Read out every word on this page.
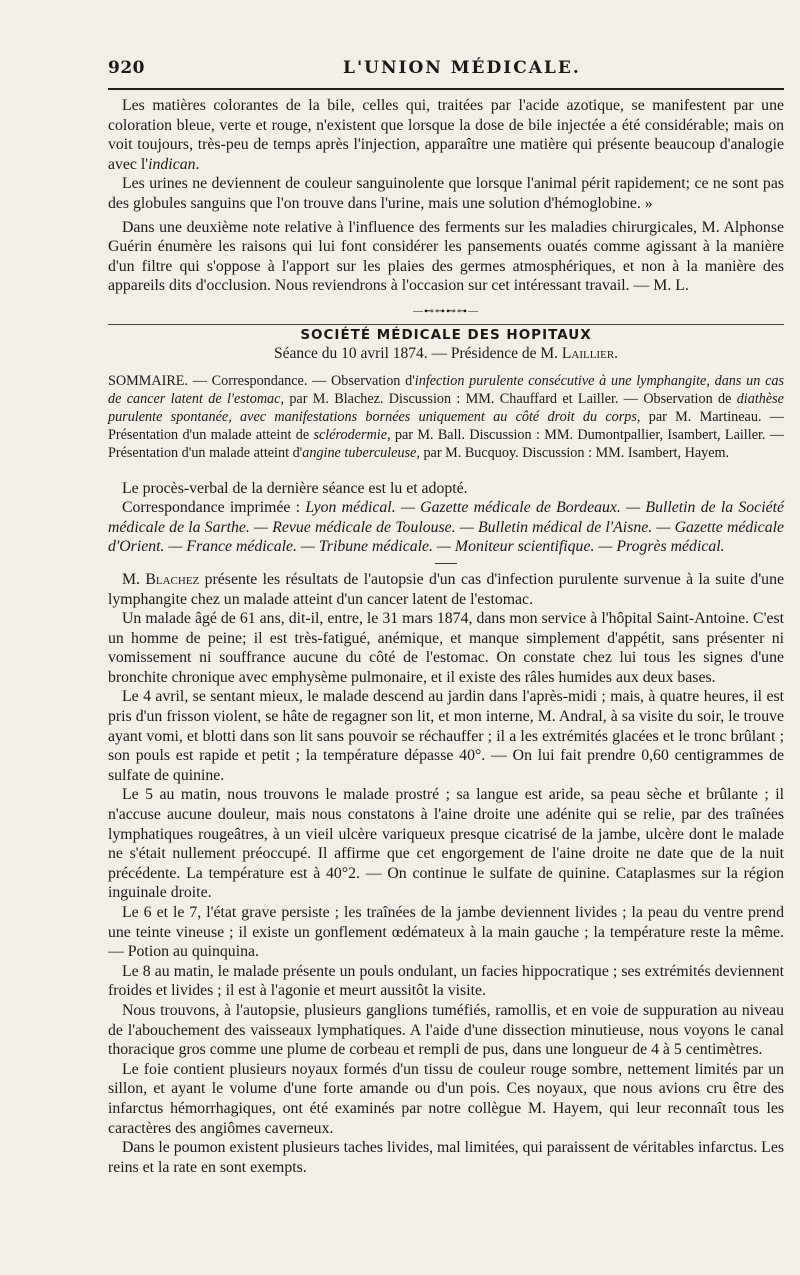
920	L'UNION MÉDICALE.

Les matières colorantes de la bile, celles qui, traitées par l'acide azotique, se manifestent par une coloration bleue, verte et rouge, n'existent que lorsque la dose de bile injectée a été considérable; mais on voit toujours, très-peu de temps après l'injection, apparaître une matière qui présente beaucoup d'analogie avec l'indican.

Les urines ne deviennent de couleur sanguinolente que lorsque l'animal périt rapidement; ce ne sont pas des globules sanguins que l'on trouve dans l'urine, mais une solution d'hémoglobine. »

Dans une deuxième note relative à l'influence des ferments sur les maladies chirurgicales, M. Alphonse Guérin énumère les raisons qui lui font considérer les pansements ouatés comme agissant à la manière d'un filtre qui s'oppose à l'apport sur les plaies des germes atmosphériques, et non à la manière des appareils dits d'occlusion. Nous reviendrons à l'occasion sur cet intéressant travail. — M. L.

—⊷⊶⊷⊶—
SOCIÉTÉ MÉDICALE DES HOPITAUX
Séance du 10 avril 1874. — Présidence de M. Laillier.

SOMMAIRE. — Correspondance. — Observation d'infection purulente consécutive à une lymphangite, dans un cas de cancer latent de l'estomac, par M. Blachez. Discussion : MM. Chauffard et Lailler. — Observation de diathèse purulente spontanée, avec manifestations bornées uniquement au côté droit du corps, par M. Martineau. — Présentation d'un malade atteint de sclérodermie, par M. Ball. Discussion : MM. Dumontpallier, Isambert, Lailler. — Présentation d'un malade atteint d'angine tuberculeuse, par M. Bucquoy. Discussion : MM. Isambert, Hayem.

Le procès-verbal de la dernière séance est lu et adopté.

Correspondance imprimée : Lyon médical. — Gazette médicale de Bordeaux. — Bulletin de la Société médicale de la Sarthe. — Revue médicale de Toulouse. — Bulletin médical de l'Aisne. — Gazette médicale d'Orient. — France médicale. — Tribune médicale. — Moniteur scientifique. — Progrès médical.

M. Blachez présente les résultats de l'autopsie d'un cas d'infection purulente survenue à la suite d'une lymphangite chez un malade atteint d'un cancer latent de l'estomac.

Un malade âgé de 61 ans, dit-il, entre, le 31 mars 1874, dans mon service à l'hôpital Saint-Antoine. C'est un homme de peine; il est très-fatigué, anémique, et manque simplement d'appétit, sans présenter ni vomissement ni souffrance aucune du côté de l'estomac. On constate chez lui tous les signes d'une bronchite chronique avec emphysème pulmonaire, et il existe des râles humides aux deux bases.

Le 4 avril, se sentant mieux, le malade descend au jardin dans l'après-midi ; mais, à quatre heures, il est pris d'un frisson violent, se hâte de regagner son lit, et mon interne, M. Andral, à sa visite du soir, le trouve ayant vomi, et blotti dans son lit sans pouvoir se réchauffer ; il a les extrémités glacées et le tronc brûlant ; son pouls est rapide et petit ; la température dépasse 40°. — On lui fait prendre 0,60 centigrammes de sulfate de quinine.

Le 5 au matin, nous trouvons le malade prostré ; sa langue est aride, sa peau sèche et brûlante ; il n'accuse aucune douleur, mais nous constatons à l'aine droite une adénite qui se relie, par des traînées lymphatiques rougeâtres, à un vieil ulcère variqueux presque cicatrisé de la jambe, ulcère dont le malade ne s'était nullement préoccupé. Il affirme que cet engorgement de l'aine droite ne date que de la nuit précédente. La température est à 40°2. — On continue le sulfate de quinine. Cataplasmes sur la région inguinale droite.

Le 6 et le 7, l'état grave persiste ; les traînées de la jambe deviennent livides ; la peau du ventre prend une teinte vineuse ; il existe un gonflement œdémateux à la main gauche ; la température reste la même. — Potion au quinquina.

Le 8 au matin, le malade présente un pouls ondulant, un facies hippocratique ; ses extrémités deviennent froides et livides ; il est à l'agonie et meurt aussitôt la visite.

Nous trouvons, à l'autopsie, plusieurs ganglions tuméfiés, ramollis, et en voie de suppuration au niveau de l'abouchement des vaisseaux lymphatiques. A l'aide d'une dissection minutieuse, nous voyons le canal thoracique gros comme une plume de corbeau et rempli de pus, dans une longueur de 4 à 5 centimètres.

Le foie contient plusieurs noyaux formés d'un tissu de couleur rouge sombre, nettement limités par un sillon, et ayant le volume d'une forte amande ou d'un pois. Ces noyaux, que nous avions cru être des infarctus hémorrhagiques, ont été examinés par notre collègue M. Hayem, qui leur reconnaît tous les caractères des angiômes caverneux.

Dans le poumon existent plusieurs taches livides, mal limitées, qui paraissent de véritables infarctus. Les reins et la rate en sont exempts.
